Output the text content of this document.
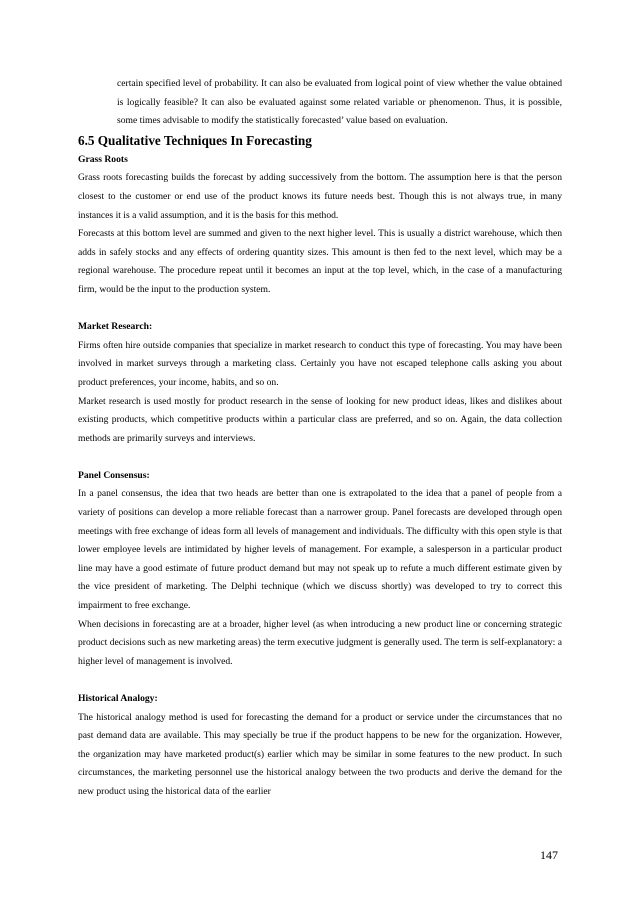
certain specified level of probability. It can also be evaluated from logical point of view whether the value obtained is logically feasible? It can also be evaluated against some related variable or phenomenon. Thus, it is possible, some times advisable to modify the statistically forecasted’ value based on evaluation.

6.5 Qualitative Techniques In Forecasting
Grass Roots

Grass roots forecasting builds the forecast by adding successively from the bottom. The assumption here is that the person closest to the customer or end use of the product knows its future needs best. Though this is not always true, in many instances it is a valid assumption, and it is the basis for this method.

Forecasts at this bottom level are summed and given to the next higher level. This is usually a district warehouse, which then adds in safely stocks and any effects of ordering quantity sizes. This amount is then fed to the next level, which may be a regional warehouse. The procedure repeat until it becomes an input at the top level, which, in the case of a manufacturing firm, would be the input to the production system.

Market Research:

Firms often hire outside companies that specialize in market research to conduct this type of forecasting. You may have been involved in market surveys through a marketing class. Certainly you have not escaped telephone calls asking you about product preferences, your income, habits, and so on.

Market research is used mostly for product research in the sense of looking for new product ideas, likes and dislikes about existing products, which competitive products within a particular class are preferred, and so on. Again, the data collection methods are primarily surveys and interviews.

Panel Consensus:

In a panel consensus, the idea that two heads are better than one is extrapolated to the idea that a panel of people from a variety of positions can develop a more reliable forecast than a narrower group. Panel forecasts are developed through open meetings with free exchange of ideas form all levels of management and individuals. The difficulty with this open style is that lower employee levels are intimidated by higher levels of management. For example, a salesperson in a particular product line may have a good estimate of future product demand but may not speak up to refute a much different estimate given by the vice president of marketing. The Delphi technique (which we discuss shortly) was developed to try to correct this impairment to free exchange.

When decisions in forecasting are at a broader, higher level (as when introducing a new product line or concerning strategic product decisions such as new marketing areas) the term executive judgment is generally used. The term is self-explanatory: a higher level of management is involved.

Historical Analogy:

The historical analogy method is used for forecasting the demand for a product or service under the circumstances that no past demand data are available. This may specially be true if the product happens to be new for the organization. However, the organization may have marketed product(s) earlier which may be similar in some features to the new product. In such circumstances, the marketing personnel use the historical analogy between the two products and derive the demand for the new product using the historical data of the earlier

147
